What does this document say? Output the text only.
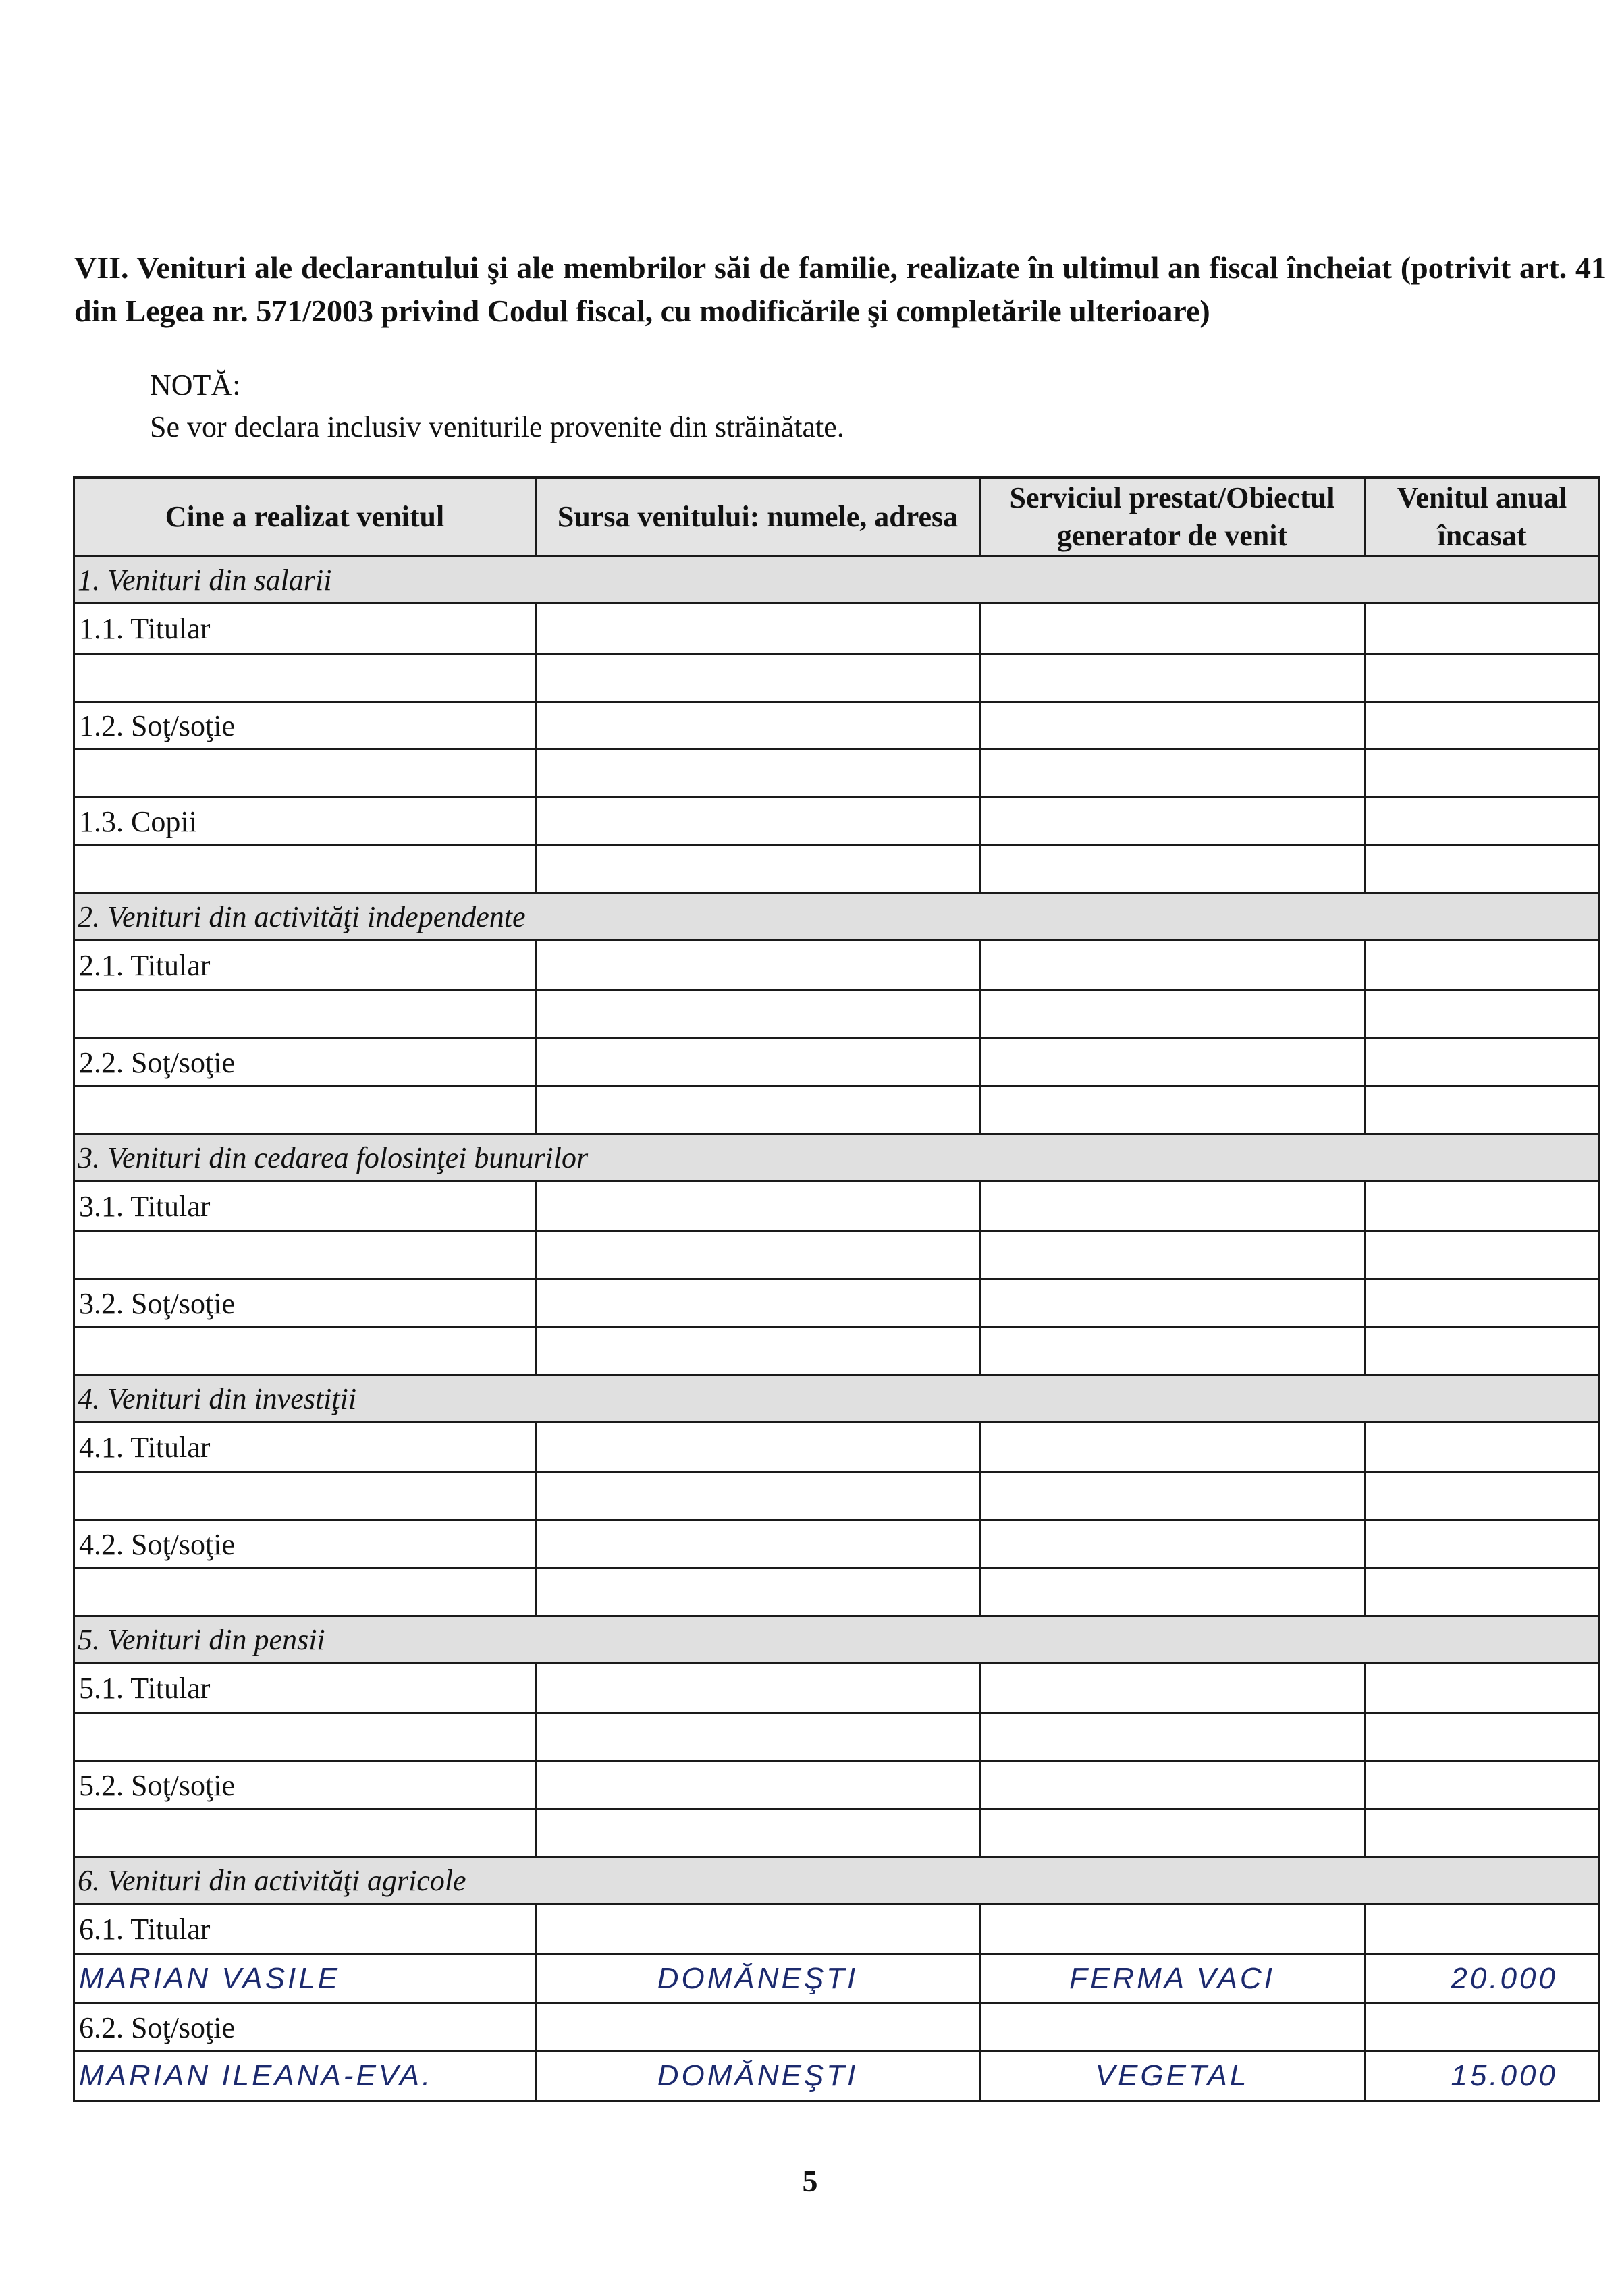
VII. Venituri ale declarantului şi ale membrilor săi de familie, realizate în ultimul an fiscal încheiat (potrivit art. 41 din Legea nr. 571/2003 privind Codul fiscal, cu modificările şi completările ulterioare)
NOTĂ:
Se vor declara inclusiv veniturile provenite din străinătate.
Cine a realizat venitul	Sursa venitului: numele, adresa	Serviciul prestat/Obiectul generator de venit	Venitul anual încasat
1. Venituri din salarii			
1.1. Titular			

1.2. Soţ/soţie			

1.3. Copii			

2. Venituri din activităţi independente			
2.1. Titular			

2.2. Soţ/soţie			

3. Venituri din cedarea folosinţei bunurilor			
3.1. Titular			

3.2. Soţ/soţie			

4. Venituri din investiţii			
4.1. Titular			

4.2. Soţ/soţie			

5. Venituri din pensii			
5.1. Titular			

5.2. Soţ/soţie			

6. Venituri din activităţi agricole			
6.1. Titular			
MARIAN VASILE	DOMĂNEŞTI	FERMA VACI	20.000
6.2. Soţ/soţie			
MARIAN ILEANA-EVA.	DOMĂNEŞTI	VEGETAL	15.000
5
